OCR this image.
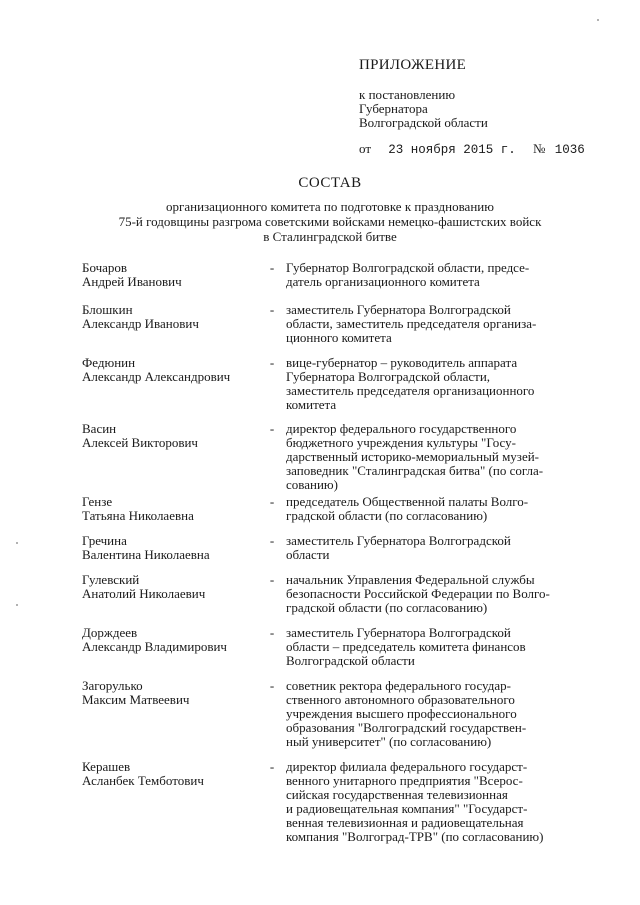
ПРИЛОЖЕНИЕ
к постановлению
Губернатора
Волгоградской области
от 23 ноября 2015 г. № 1036
СОСТАВ
организационного комитета по подготовке к празднованию
75-й годовщины разгрома советскими войсками немецко-фашистских войск
в Сталинградской битве
Бочаров
Андрей Иванович
- Губернатор Волгоградской области, предсе-
датель организационного комитета
Блошкин
Александр Иванович
- заместитель Губернатора Волгоградской
области, заместитель председателя организа-
ционного комитета
Федюнин
Александр Александрович
- вице-губернатор – руководитель аппарата
Губернатора Волгоградской области,
заместитель председателя организационного
комитета
Васин
Алексей Викторович
- директор федерального государственного
бюджетного учреждения культуры "Госу-
дарственный историко-мемориальный музей-
заповедник "Сталинградская битва" (по согла-
сованию)
Гензе
Татьяна Николаевна
- председатель Общественной палаты Волго-
градской области (по согласованию)
Гречина
Валентина Николаевна
- заместитель Губернатора Волгоградской
области
Гулевский
Анатолий Николаевич
- начальник Управления Федеральной службы
безопасности Российской Федерации по Волго-
градской области (по согласованию)
Дорждеев
Александр Владимирович
- заместитель Губернатора Волгоградской
области – председатель комитета финансов
Волгоградской области
Загорулько
Максим Матвеевич
- советник ректора федерального государ-
ственного автономного образовательного
учреждения высшего профессионального
образования "Волгоградский государствен-
ный университет" (по согласованию)
Керашев
Асланбек Темботович
- директор филиала федерального государст-
венного унитарного предприятия "Всерос-
сийская государственная телевизионная
и радиовещательная компания" "Государст-
венная телевизионная и радиовещательная
компания "Волгоград-ТРВ" (по согласованию)
